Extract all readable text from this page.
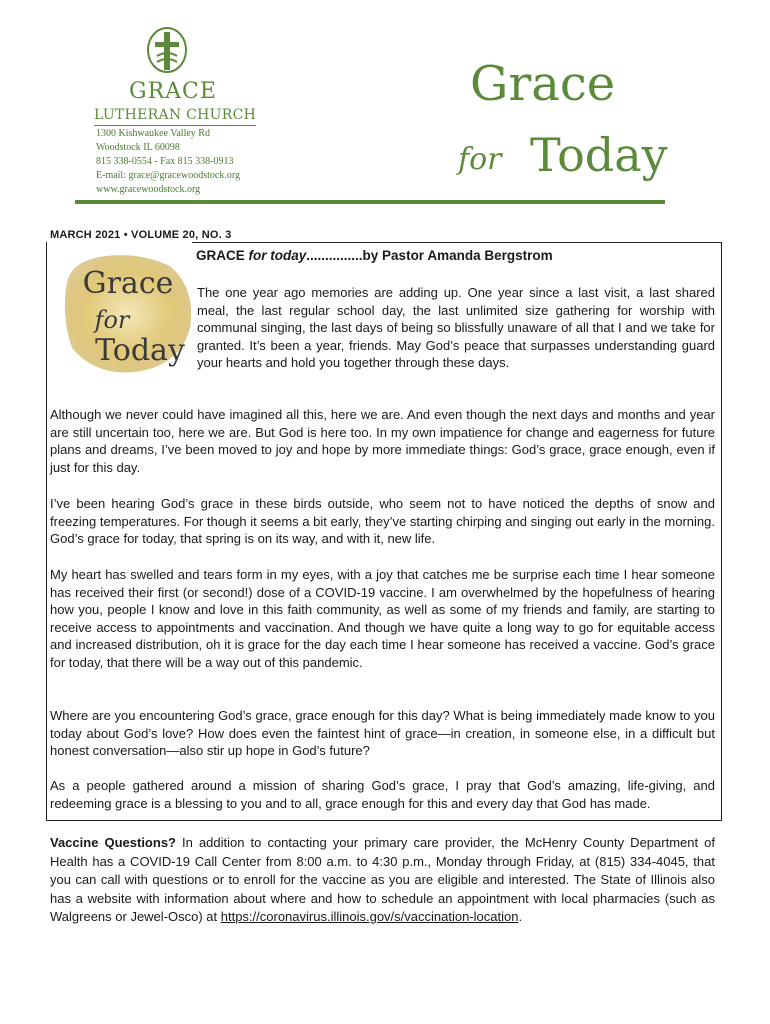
GRACE
LUTHERAN CHURCH
1300 Kishwaukee Valley Rd
Woodstock IL 60098
815 338-0554 - Fax 815 338-0913
E-mail: grace@gracewoodstock.org
www.gracewoodstock.org
Grace
for Today
MARCH 2021 • VOLUME 20, NO. 3
Grace
for
Today
GRACE for today...............by Pastor Amanda Bergstrom
The one year ago memories are adding up. One year since a last visit, a last shared meal, the last regular school day, the last unlimited size gathering for worship with communal singing, the last days of being so blissfully unaware of all that I and we take for granted. It’s been a year, friends. May God’s peace that surpasses understanding guard your hearts and hold you together through these days.
Although we never could have imagined all this, here we are. And even though the next days and months and year are still uncertain too, here we are. But God is here too. In my own impatience for change and eagerness for future plans and dreams, I’ve been moved to joy and hope by more immediate things: God’s grace, grace enough, even if just for this day.
I’ve been hearing God’s grace in these birds outside, who seem not to have noticed the depths of snow and freezing temperatures. For though it seems a bit early, they’ve starting chirping and singing out early in the morning. God’s grace for today, that spring is on its way, and with it, new life.
My heart has swelled and tears form in my eyes, with a joy that catches me be surprise each time I hear someone has received their first (or second!) dose of a COVID-19 vaccine. I am overwhelmed by the hopefulness of hearing how you, people I know and love in this faith community, as well as some of my friends and family, are starting to receive access to appointments and vaccination. And though we have quite a long way to go for equitable access and increased distribution, oh it is grace for the day each time I hear someone has received a vaccine. God’s grace for today, that there will be a way out of this pandemic.
Where are you encountering God’s grace, grace enough for this day? What is being immediately made know to you today about God’s love? How does even the faintest hint of grace—in creation, in someone else, in a difficult but honest conversation—also stir up hope in God’s future?
As a people gathered around a mission of sharing God’s grace, I pray that God’s amazing, life-giving, and redeeming grace is a blessing to you and to all, grace enough for this and every day that God has made.
Vaccine Questions? In addition to contacting your primary care provider, the McHenry County Department of Health has a COVID-19 Call Center from 8:00 a.m. to 4:30 p.m., Monday through Friday, at (815) 334-4045, that you can call with questions or to enroll for the vaccine as you are eligible and interested. The State of Illinois also has a website with information about where and how to schedule an appointment with local pharmacies (such as Walgreens or Jewel-Osco) at https://coronavirus.illinois.gov/s/vaccination-location.
